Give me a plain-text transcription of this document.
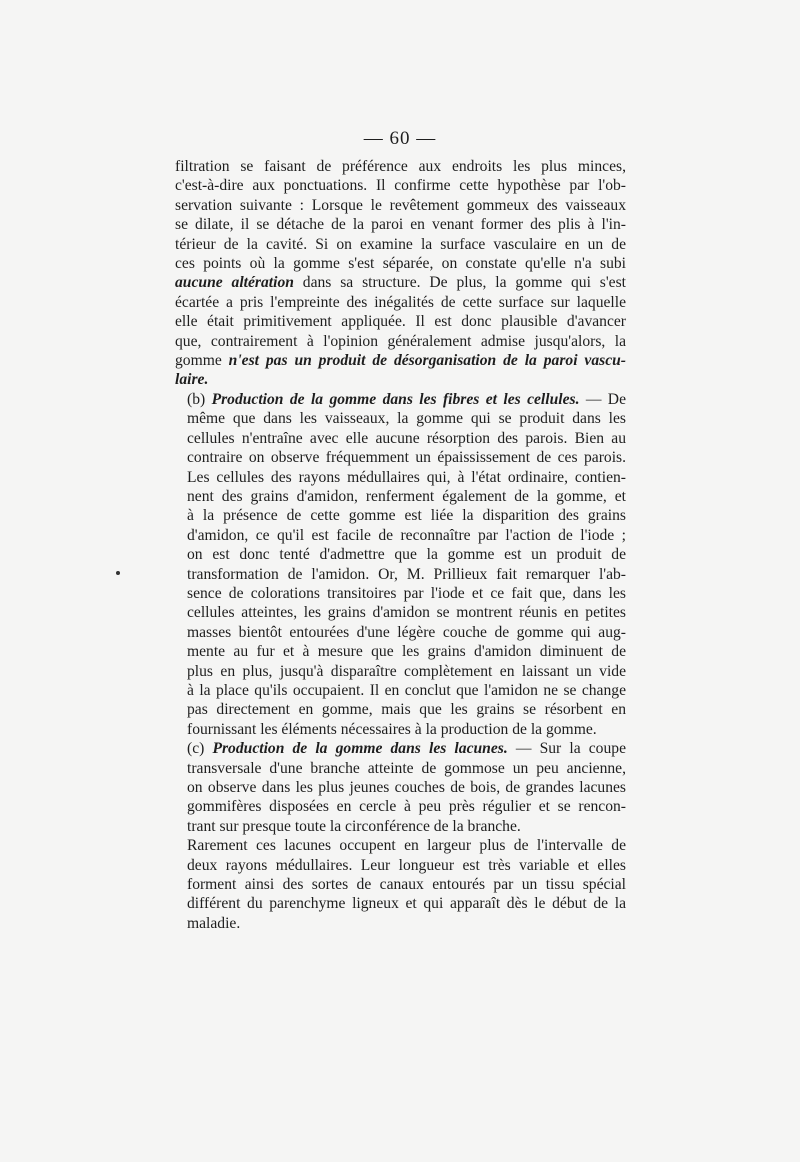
— 60 —

filtration se faisant de préférence aux endroits les plus minces,
c'est-à-dire aux ponctuations. Il confirme cette hypothèse par l'ob-
servation suivante : Lorsque le revêtement gommeux des vaisseaux
se dilate, il se détache de la paroi en venant former des plis à l'in-
térieur de la cavité. Si on examine la surface vasculaire en un de
ces points où la gomme s'est séparée, on constate qu'elle n'a subi
aucune altération dans sa structure. De plus, la gomme qui s'est
écartée a pris l'empreinte des inégalités de cette surface sur laquelle
elle était primitivement appliquée. Il est donc plausible d'avancer
que, contrairement à l'opinion généralement admise jusqu'alors, la
gomme n'est pas un produit de désorganisation de la paroi vascu-
laire.

(b) Production de la gomme dans les fibres et les cellules. — De
même que dans les vaisseaux, la gomme qui se produit dans les
cellules n'entraîne avec elle aucune résorption des parois. Bien au
contraire on observe fréquemment un épaississement de ces parois.
Les cellules des rayons médullaires qui, à l'état ordinaire, contien-
nent des grains d'amidon, renferment également de la gomme, et
à la présence de cette gomme est liée la disparition des grains
d'amidon, ce qu'il est facile de reconnaître par l'action de l'iode ;
on est donc tenté d'admettre que la gomme est un produit de
transformation de l'amidon. Or, M. Prillieux fait remarquer l'ab-
sence de colorations transitoires par l'iode et ce fait que, dans les
cellules atteintes, les grains d'amidon se montrent réunis en petites
masses bientôt entourées d'une légère couche de gomme qui aug-
mente au fur et à mesure que les grains d'amidon diminuent de
plus en plus, jusqu'à disparaître complètement en laissant un vide
à la place qu'ils occupaient. Il en conclut que l'amidon ne se change
pas directement en gomme, mais que les grains se résorbent en
fournissant les éléments nécessaires à la production de la gomme.

(c) Production de la gomme dans les lacunes. — Sur la coupe
transversale d'une branche atteinte de gommose un peu ancienne,
on observe dans les plus jeunes couches de bois, de grandes lacunes
gommifères disposées en cercle à peu près régulier et se rencon-
trant sur presque toute la circonférence de la branche.

Rarement ces lacunes occupent en largeur plus de l'intervalle de
deux rayons médullaires. Leur longueur est très variable et elles
forment ainsi des sortes de canaux entourés par un tissu spécial
différent du parenchyme ligneux et qui apparaît dès le début de la
maladie.
